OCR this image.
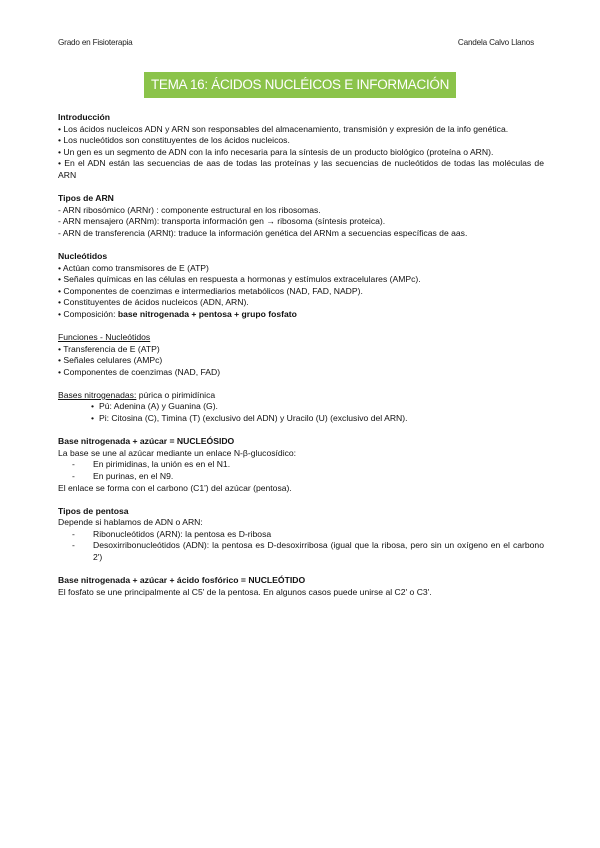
Grado en Fisioterapia	Candela Calvo Llanos
TEMA 16: ÁCIDOS NUCLÉICOS E INFORMACIÓN GENÉTICA

Introducción

• Los ácidos nucleicos ADN y ARN son responsables del almacenamiento, transmisión y expresión de la info genética.

• Los nucleótidos son constituyentes de los ácidos nucleicos.

• Un gen es un segmento de ADN con la info necesaria para la síntesis de un producto biológico (proteína o ARN).

• En el ADN están las secuencias de aas de todas las proteínas y las secuencias de nucleótidos de todas las moléculas de ARN

Tipos de ARN

- ARN ribosómico (ARNr) : componente estructural en los ribosomas.

- ARN mensajero (ARNm): transporta información gen → ribosoma (síntesis proteica).

- ARN de transferencia (ARNt): traduce la información genética del ARNm a secuencias específicas de aas.

Nucleótidos

• Actúan como transmisores de E (ATP)

• Señales químicas en las células en respuesta a hormonas y estímulos extracelulares (AMPc).

• Componentes de coenzimas e intermediarios metabólicos (NAD, FAD, NADP).

• Constituyentes de ácidos nucleicos (ADN, ARN).

• Composición: base nitrogenada + pentosa + grupo fosfato

Funciones - Nucleótidos

• Transferencia de E (ATP)

• Señales celulares (AMPc)

• Componentes de coenzimas (NAD, FAD)

Bases nitrogenadas: púrica o pirimidínica

• Pú: Adenina (A) y Guanina (G).

• Pi: Citosina (C), Timina (T) (exclusivo del ADN) y Uracilo (U) (exclusivo del ARN).

Base nitrogenada + azúcar = NUCLEÓSIDO

La base se une al azúcar mediante un enlace N-β-glucosídico:

- En pirimidinas, la unión es en el N1.

- En purinas, en el N9.

El enlace se forma con el carbono (C1') del azúcar (pentosa).

Tipos de pentosa

Depende si hablamos de ADN o ARN:

- Ribonucleótidos (ARN): la pentosa es D-ribosa

- Desoxirribonucleótidos (ADN): la pentosa es D-desoxirribosa (igual que la ribosa, pero sin un oxígeno en el carbono 2')

Base nitrogenada + azúcar + ácido fosfórico = NUCLEÓTIDO

El fosfato se une principalmente al C5' de la pentosa. En algunos casos puede unirse al C2' o C3'.
